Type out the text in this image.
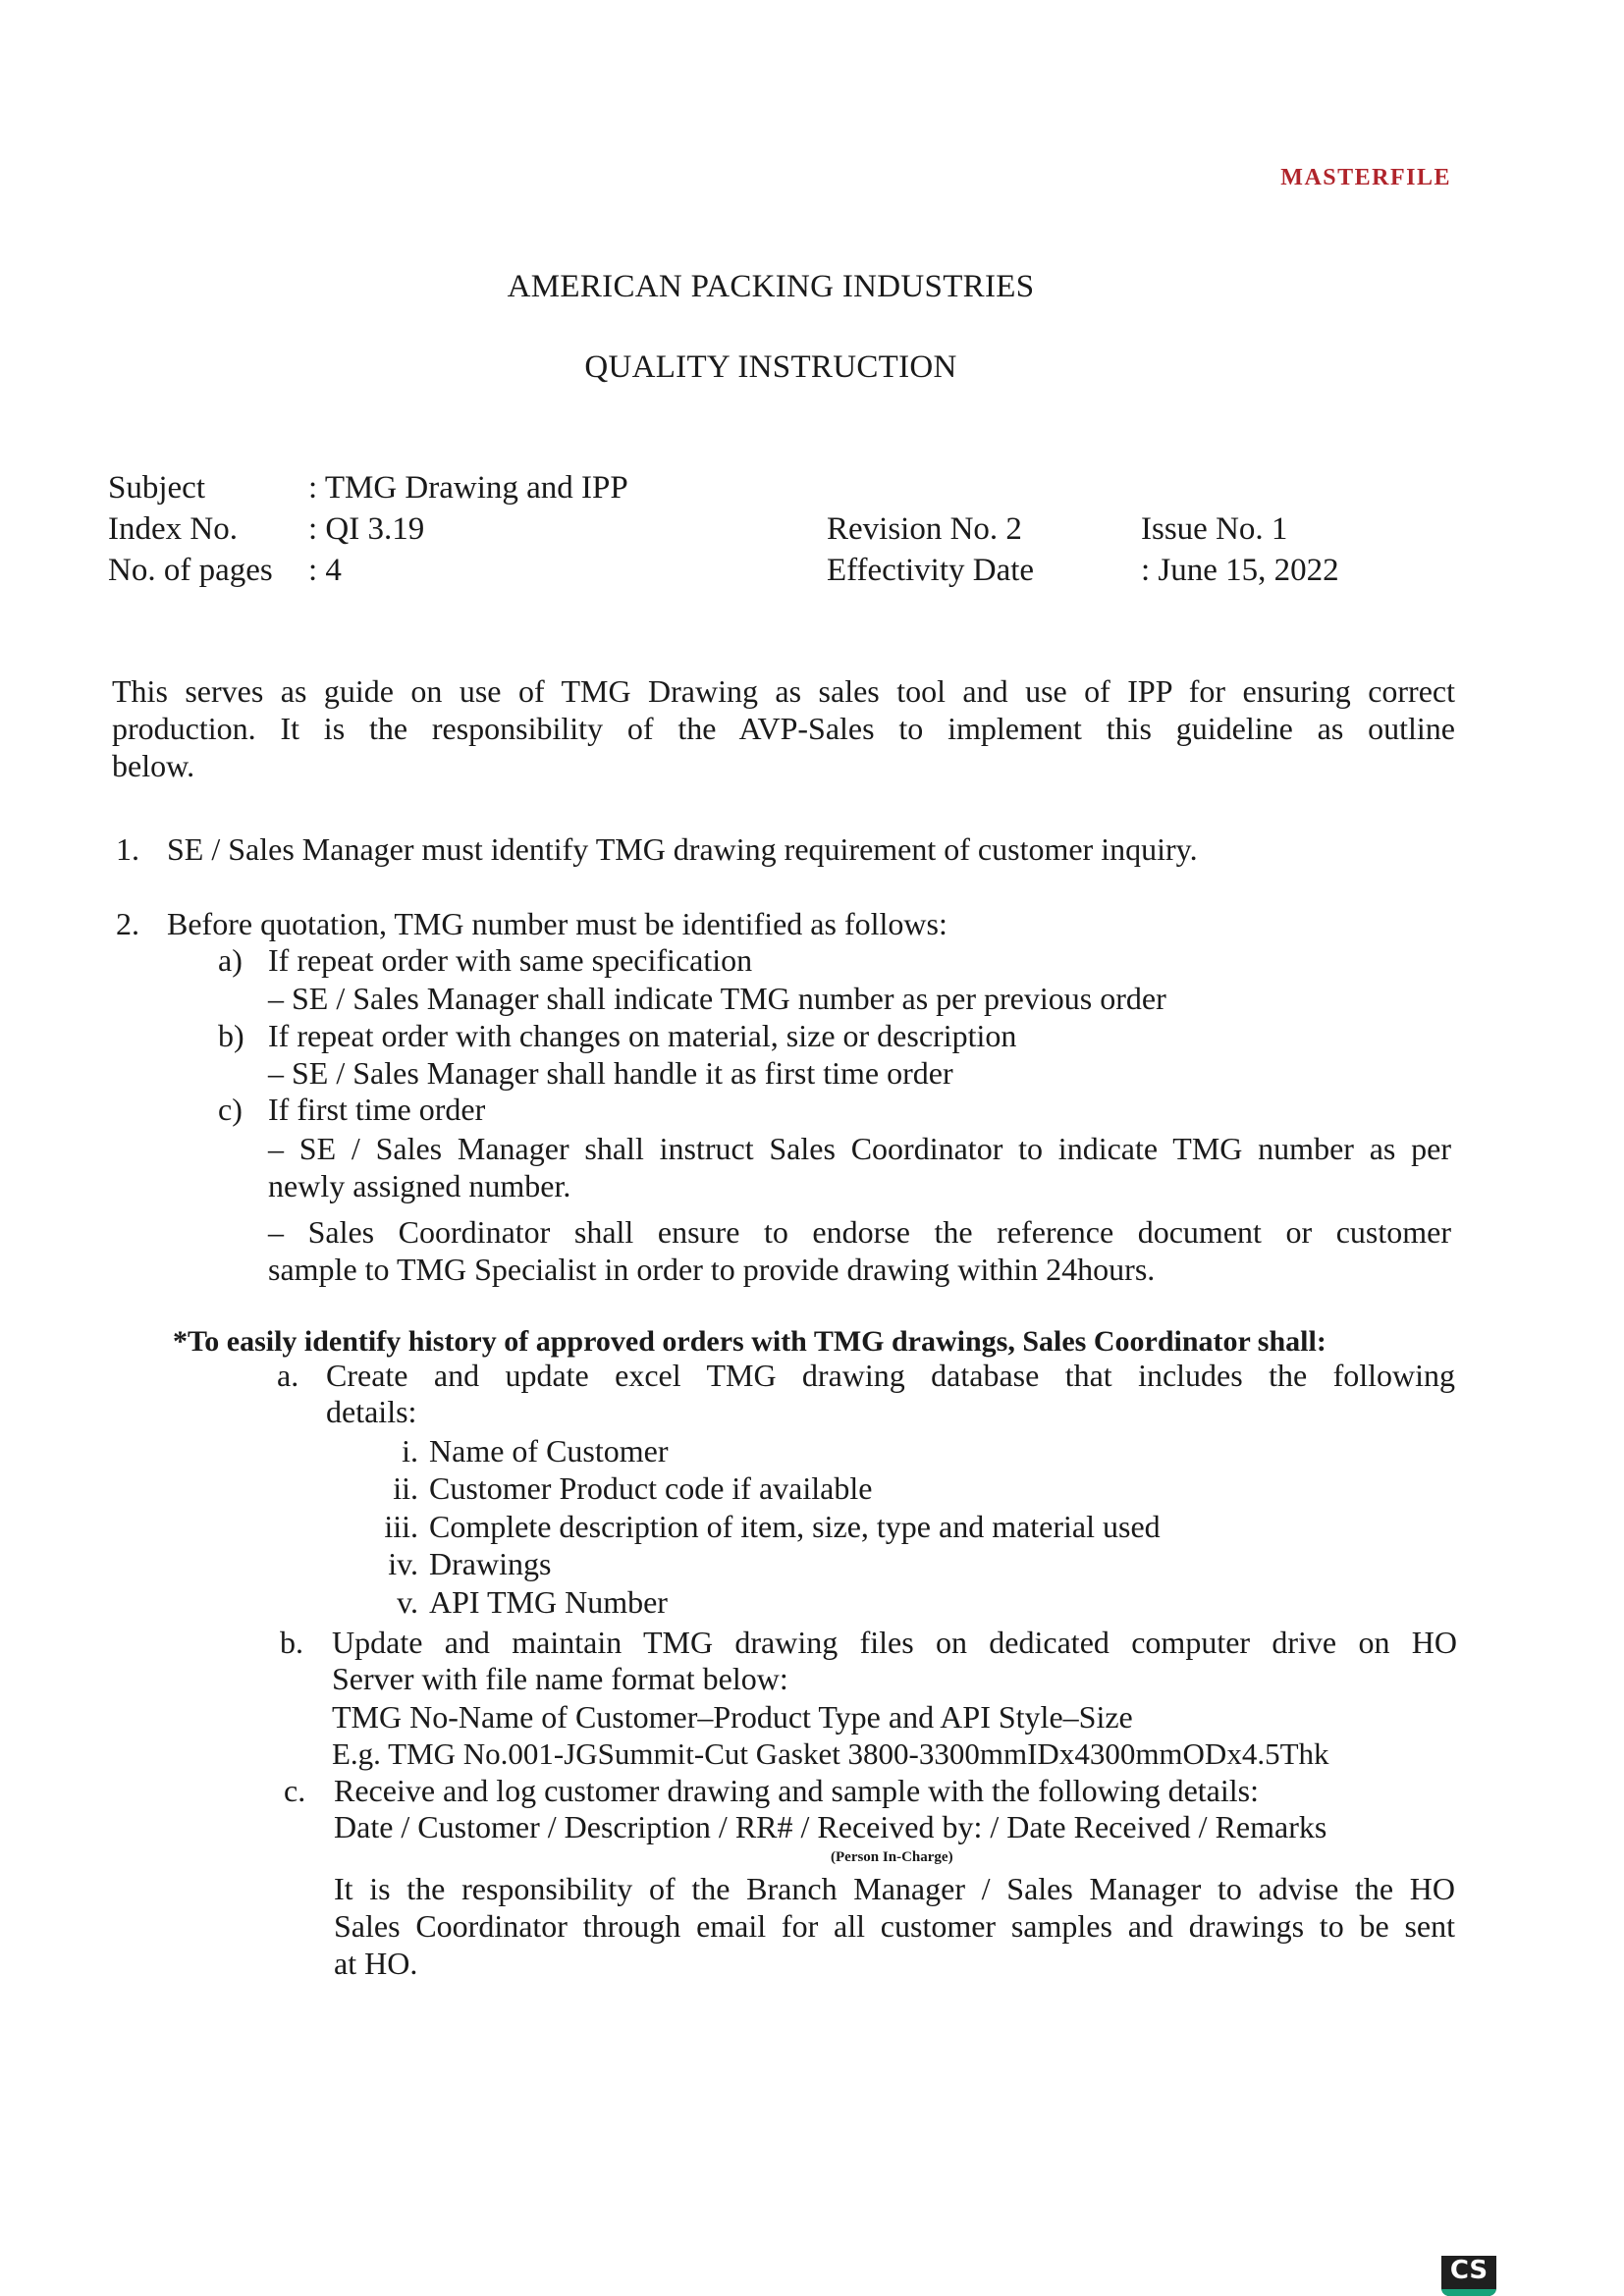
MASTERFILE
AMERICAN PACKING INDUSTRIES
QUALITY INSTRUCTION
Subject	: TMG Drawing and IPP
Index No. : QI 3.19
No. of pages : 4
Revision No. 2
Effectivity Date
Issue No. 1
: June 15, 2022
This serves as guide on use of TMG Drawing as sales tool and use of IPP for ensuring correct
production. It is the responsibility of the AVP-Sales to implement this guideline as outline
below.
1. SE / Sales Manager must identify TMG drawing requirement of customer inquiry.
2. Before quotation, TMG number must be identified as follows:
a) If repeat order with same specification
– SE / Sales Manager shall indicate TMG number as per previous order
b) If repeat order with changes on material, size or description
– SE / Sales Manager shall handle it as first time order
c) If first time order
– SE / Sales Manager shall instruct Sales Coordinator to indicate TMG number as per
newly assigned number.
– Sales Coordinator shall ensure to endorse the reference document or customer
sample to TMG Specialist in order to provide drawing within 24hours.
*To easily identify history of approved orders with TMG drawings, Sales Coordinator shall:
a. Create and update excel TMG drawing database that includes the following
details:
i. Name of Customer
ii. Customer Product code if available
iii. Complete description of item, size, type and material used
iv. Drawings
v. API TMG Number
b. Update and maintain TMG drawing files on dedicated computer drive on HO
Server with file name format below:
TMG No-Name of Customer–Product Type and API Style–Size
E.g. TMG No.001-JGSummit-Cut Gasket 3800-3300mmIDx4300mmODx4.5Thk
c. Receive and log customer drawing and sample with the following details:
Date / Customer / Description / RR# / Received by: / Date Received / Remarks
(Person In-Charge)
It is the responsibility of the Branch Manager / Sales Manager to advise the HO
Sales Coordinator through email for all customer samples and drawings to be sent
at HO.
CS
